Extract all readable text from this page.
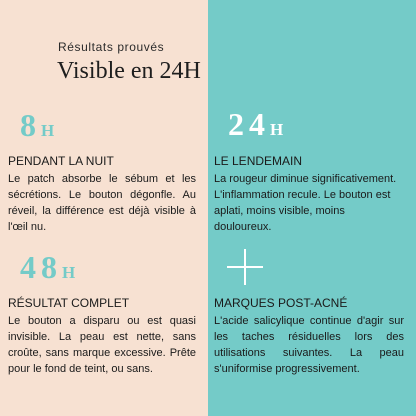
Résultats prouvés
Visible en 24H
8H	24H
48H
PENDANT LA NUIT
Le patch absorbe le sébum et les sécrétions. Le bouton dégonfle. Au réveil, la différence est déjà visible à l'œil nu.
LE LENDEMAIN
La rougeur diminue significativement. L'inflammation recule. Le bouton est aplati, moins visible, moins douloureux.
RÉSULTAT COMPLET
Le bouton a disparu ou est quasi invisible. La peau est nette, sans croûte, sans marque excessive. Prête pour le fond de teint, ou sans.
MARQUES POST-ACNÉ
L'acide salicylique continue d'agir sur les taches résiduelles lors des utilisations suivantes. La peau s'uniformise progressivement.
